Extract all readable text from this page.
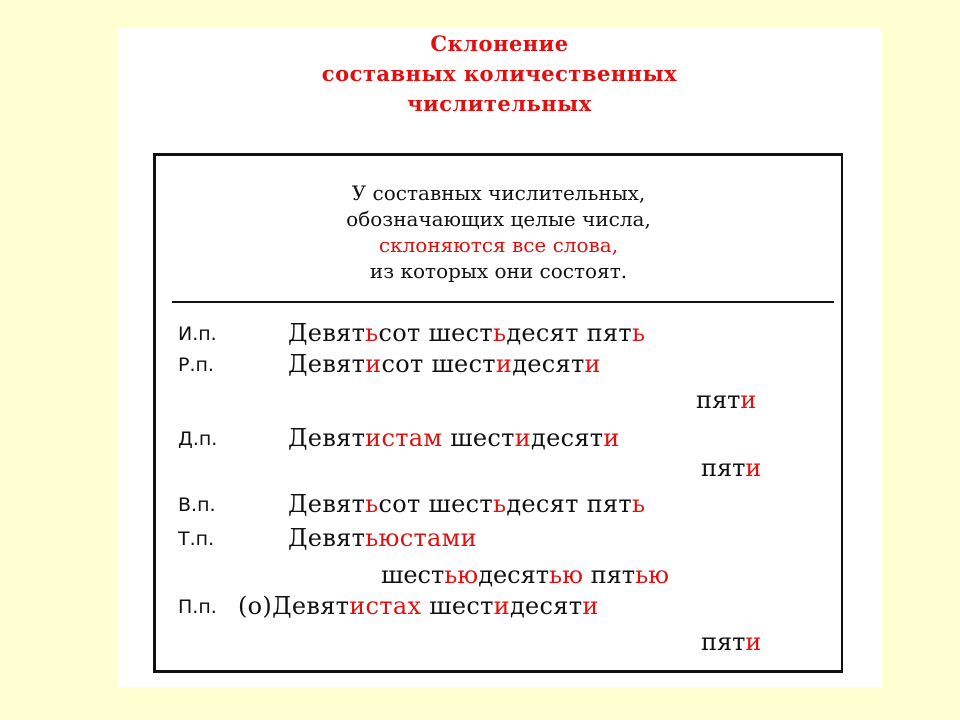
Склонение
составных количественных
числительных
У составных числительных,
обозначающих целые числа,
склоняются все слова,
из которых они состоят.
И.п.	Девятьсот шестьдесят пять
Р.п.	Девятисот шестидесяти
пяти
Д.п.	Девятистам шестидесяти
пяти
В.п.	Девятьсот шестьдесят пять
Т.п.	Девятьюстами
шестьюдесятью пятью
П.п. (о)Девятистах шестидесяти
пяти
